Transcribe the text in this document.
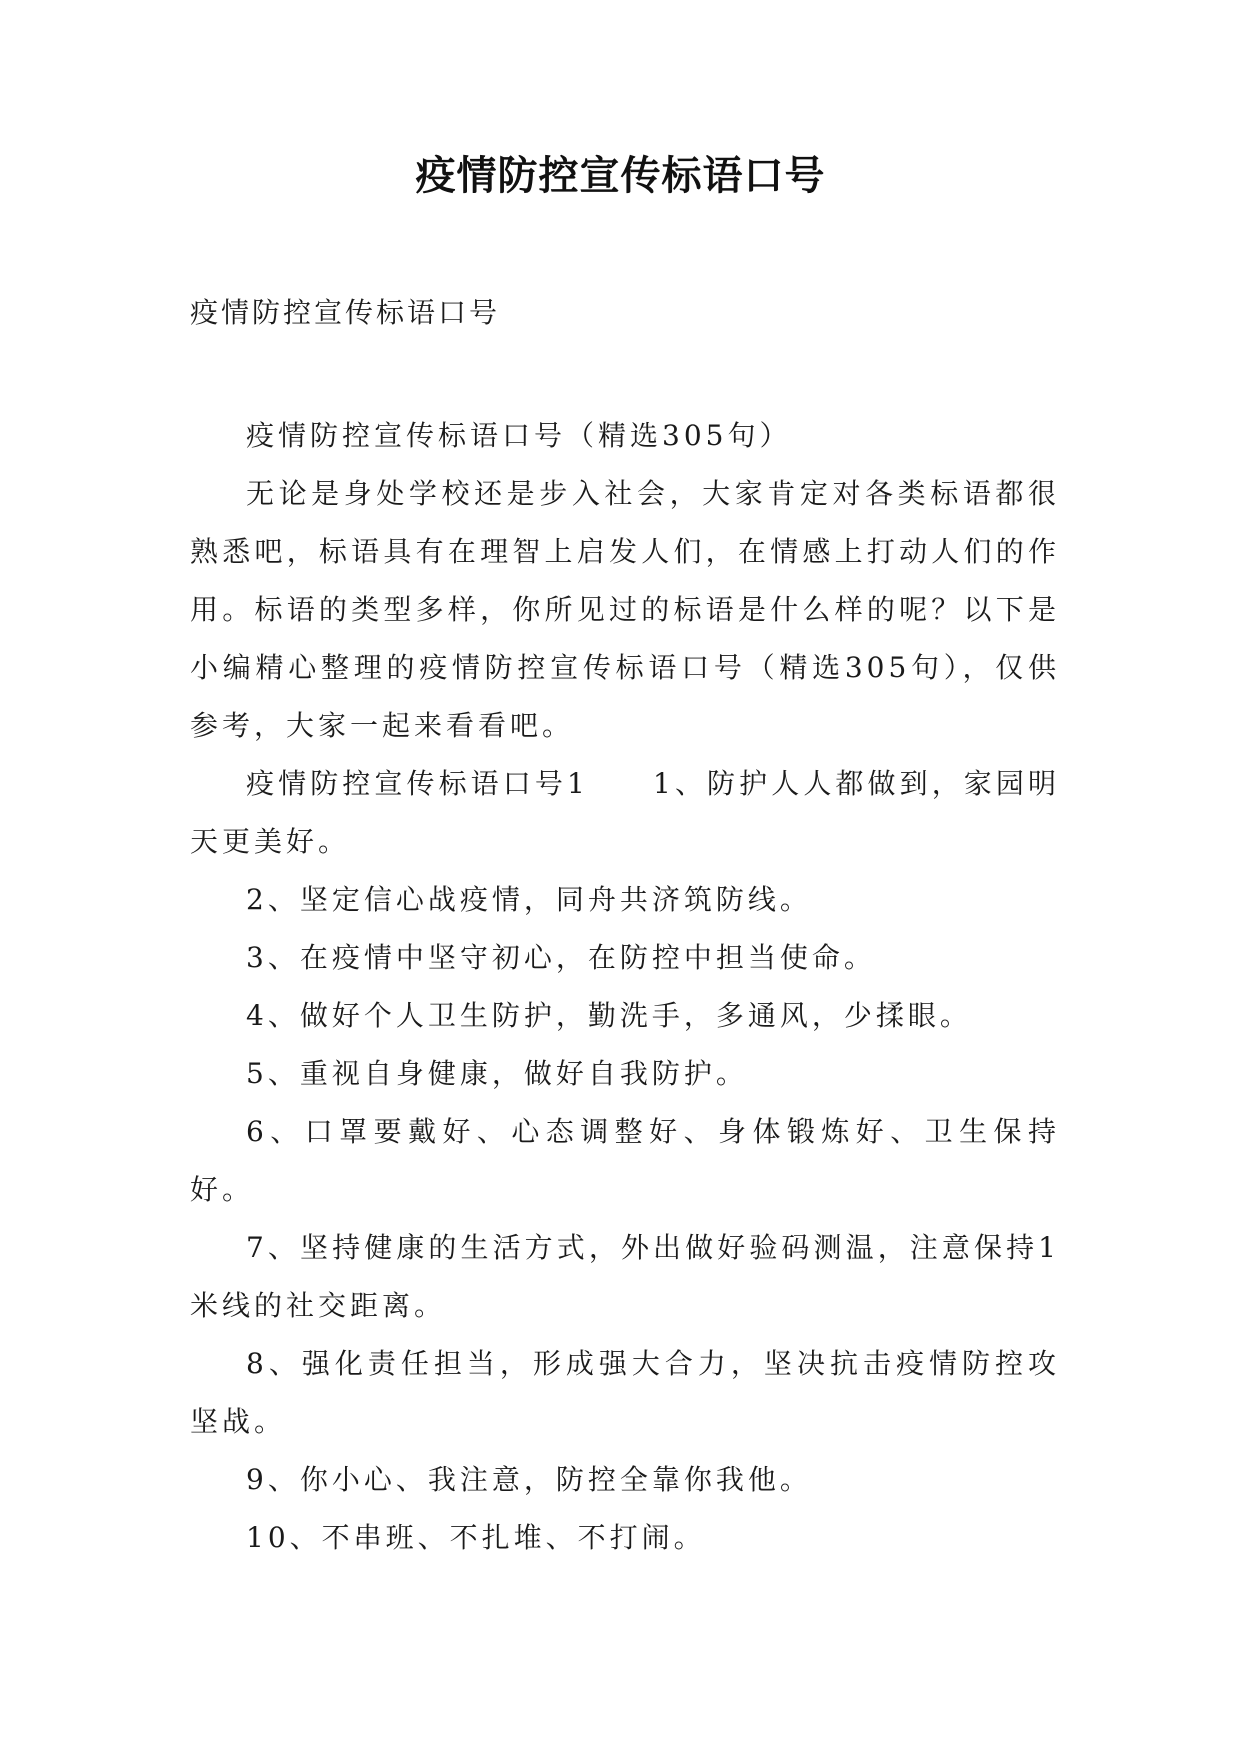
疫情防控宣传标语口号

疫情防控宣传标语口号

疫情防控宣传标语口号（精选305句）

无论是身处学校还是步入社会，大家肯定对各类标语都很熟悉吧，标语具有在理智上启发人们，在情感上打动人们的作用。标语的类型多样，你所见过的标语是什么样的呢？以下是小编精心整理的疫情防控宣传标语口号（精选305句），仅供参考，大家一起来看看吧。

疫情防控宣传标语口号1　　1、防护人人都做到，家园明天更美好。

2、坚定信心战疫情，同舟共济筑防线。

3、在疫情中坚守初心，在防控中担当使命。

4、做好个人卫生防护，勤洗手，多通风，少揉眼。

5、重视自身健康，做好自我防护。

6、口罩要戴好、心态调整好、身体锻炼好、卫生保持好。

7、坚持健康的生活方式，外出做好验码测温，注意保持1米线的社交距离。

8、强化责任担当，形成强大合力，坚决抗击疫情防控攻坚战。

9、你小心、我注意，防控全靠你我他。

10、不串班、不扎堆、不打闹。
